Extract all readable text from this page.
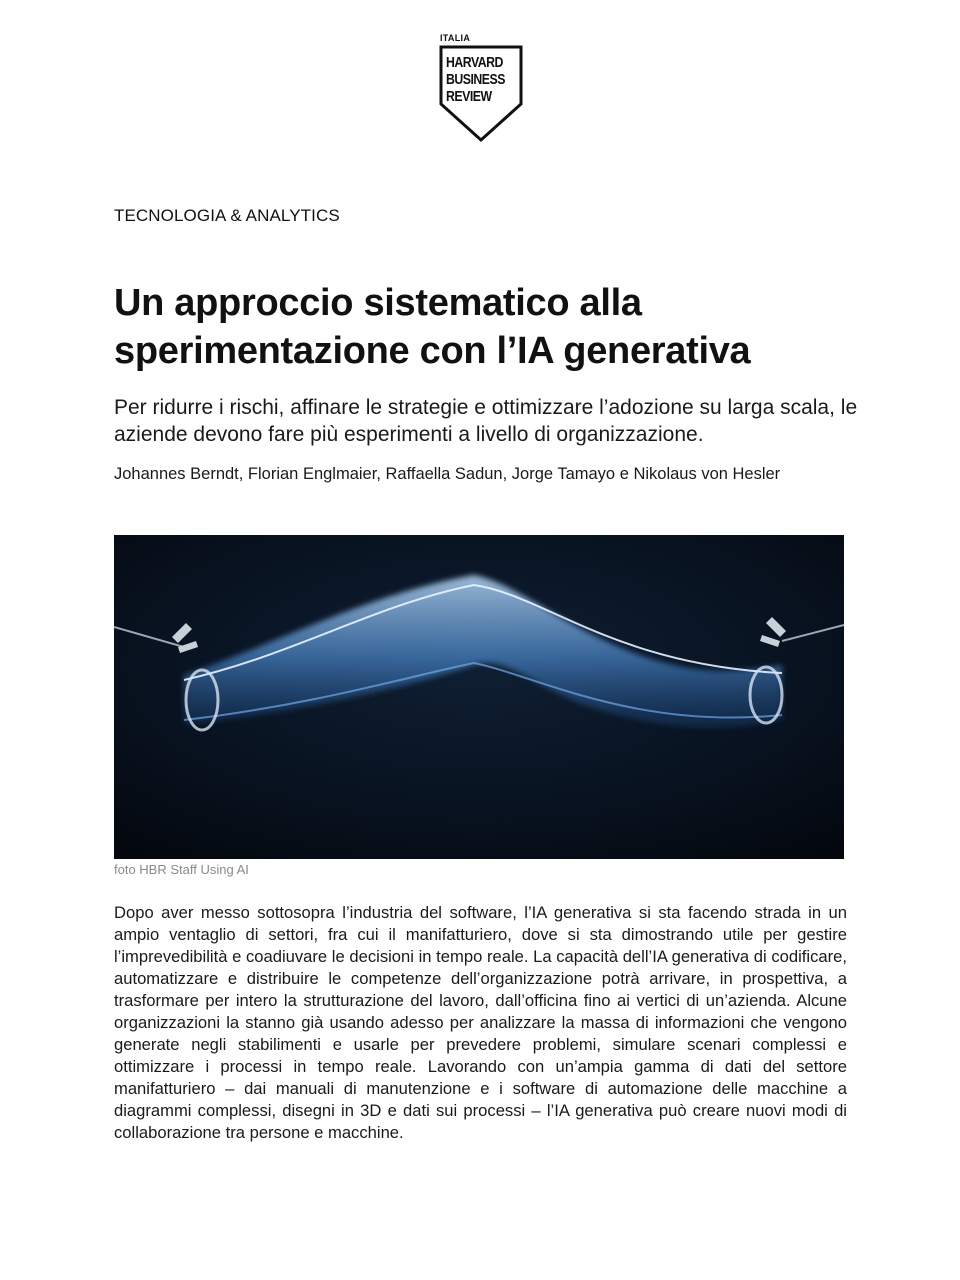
ITALIA
HARVARD
BUSINESS
REVIEW
TECNOLOGIA & ANALYTICS
Un approccio sistematico alla sperimentazione con l’IA generativa

Per ridurre i rischi, affinare le strategie e ottimizzare l’adozione su larga scala, le aziende devono fare più esperimenti a livello di organizzazione.

Johannes Berndt, Florian Englmaier, Raffaella Sadun, Jorge Tamayo e Nikolaus von Hesler
foto HBR Staff Using AI

Dopo aver messo sottosopra l’industria del software, l’IA generativa si sta facendo strada in un ampio ventaglio di settori, fra cui il manifatturiero, dove si sta dimostrando utile per gestire l’imprevedibilità e coadiuvare le decisioni in tempo reale. La capacità dell’IA generativa di codificare, automatizzare e distribuire le competenze dell’organizzazione potrà arrivare, in prospettiva, a trasformare per intero la strutturazione del lavoro, dall’officina fino ai vertici di un’azienda. Alcune organizzazioni la stanno già usando adesso per analizzare la massa di informazioni che vengono generate negli stabilimenti e usarle per prevedere problemi, simulare scenari complessi e ottimizzare i processi in tempo reale. Lavorando con un’ampia gamma di dati del settore manifatturiero – dai manuali di manutenzione e i software di automazione delle macchine a diagrammi complessi, disegni in 3D e dati sui processi – l’IA generativa può creare nuovi modi di collaborazione tra persone e macchine.
